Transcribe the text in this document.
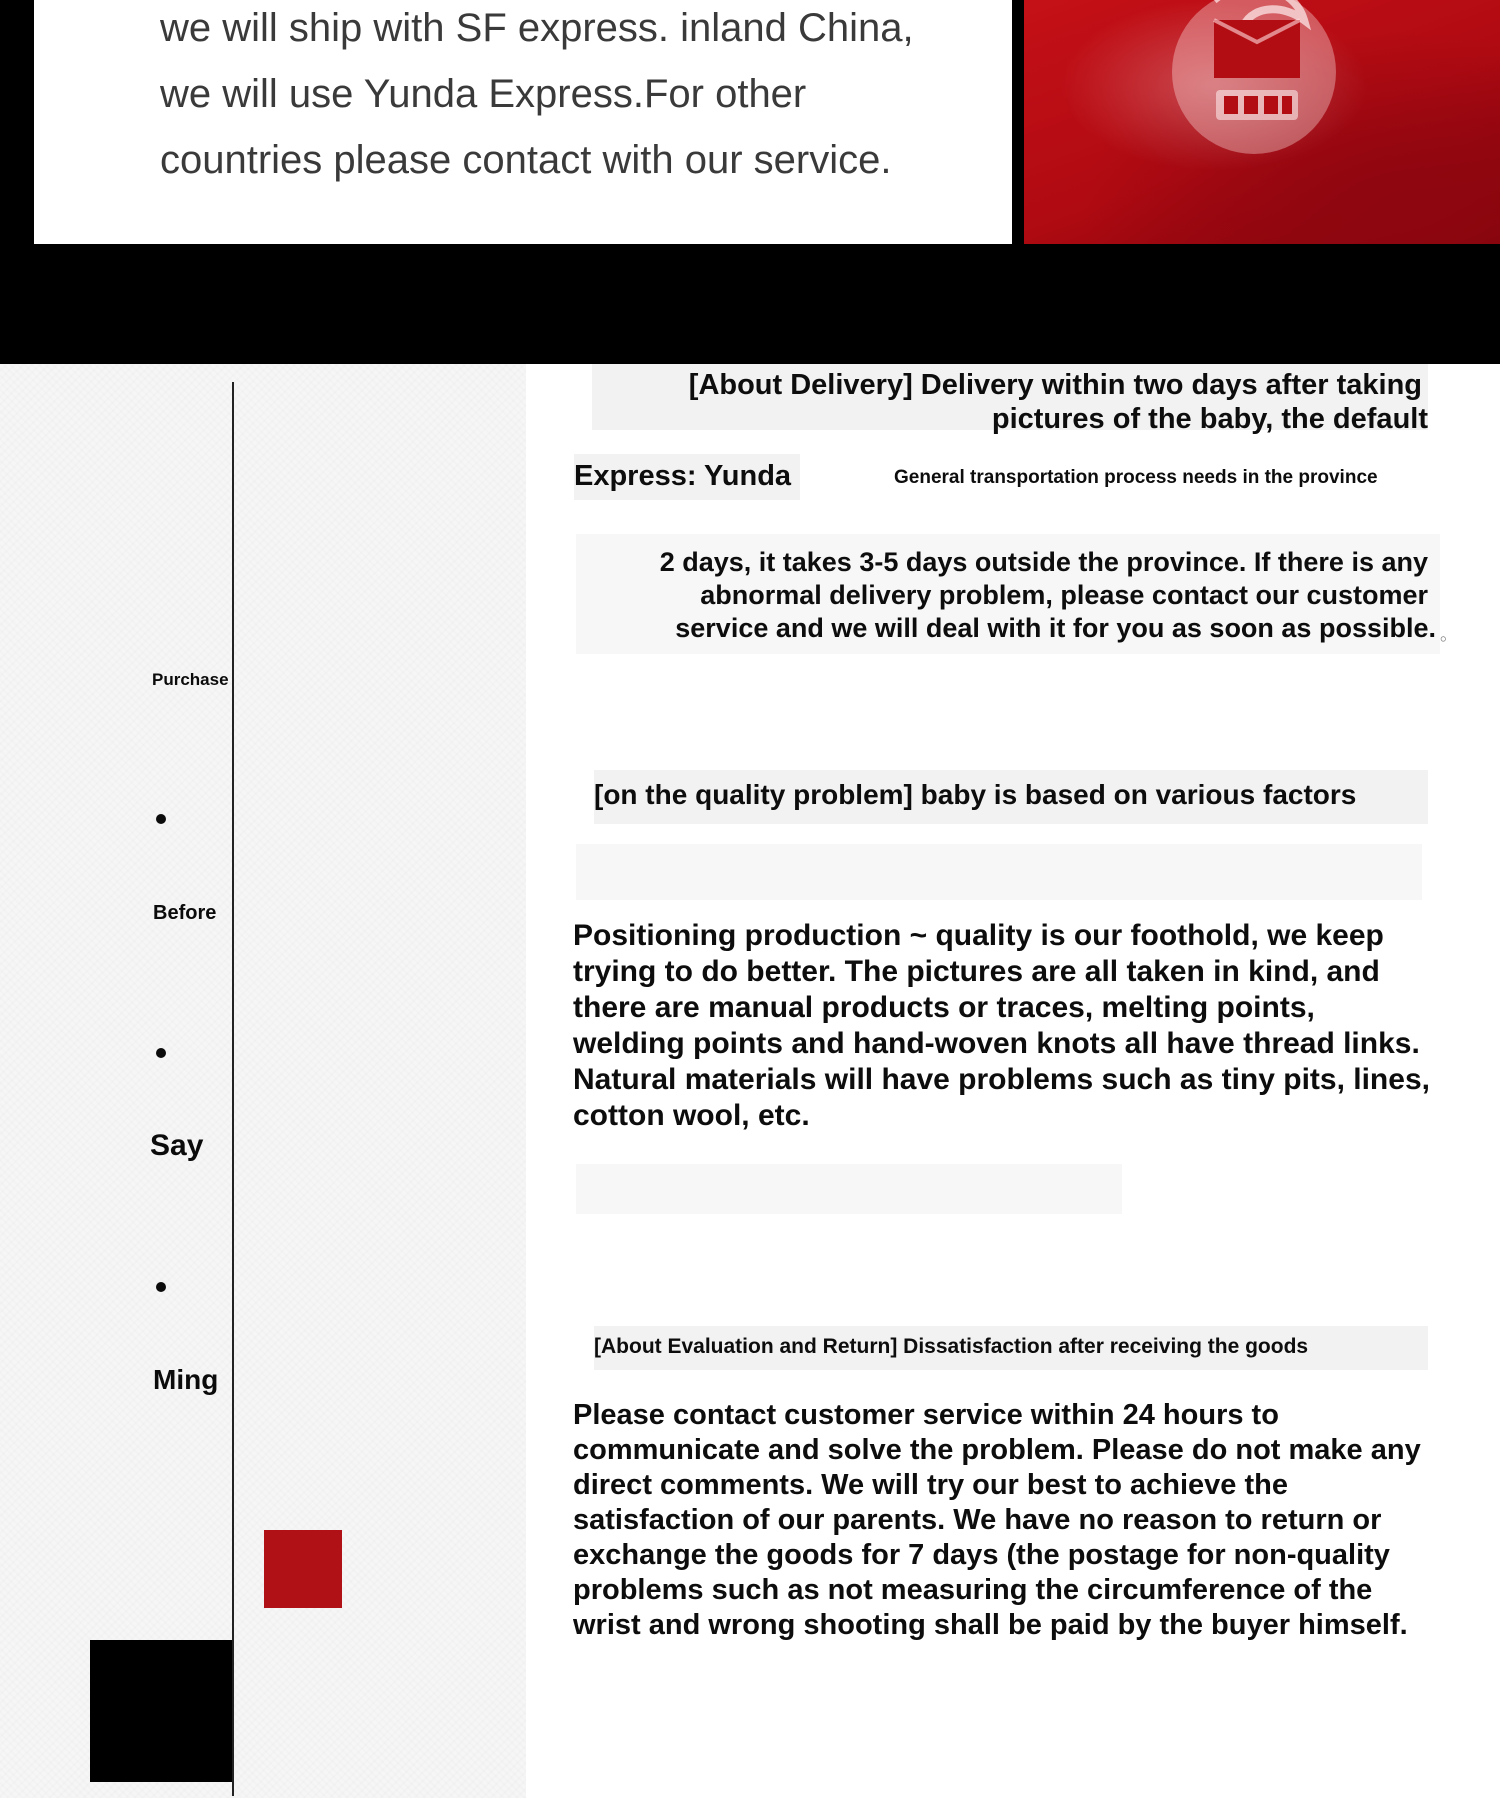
we will ship with SF express. inland China,

we will use Yunda Express.For other

countries please contact with our service.

Purchase

Before

Say

Ming

[About Delivery] Delivery within two days after taking

pictures of the baby, the default

Express: Yunda	General transportation process needs in the province

2 days, it takes 3-5 days outside the province. If there is any

abnormal delivery problem, please contact our customer

service and we will deal with it for you as soon as possible. 。

[on the quality problem] baby is based on various factors

Positioning production ~ quality is our foothold, we keep trying to do better. The pictures are all taken in kind, and there are manual products or traces, melting points, welding points and hand-woven knots all have thread links. Natural materials will have problems such as tiny pits, lines, cotton wool, etc.

[About Evaluation and Return] Dissatisfaction after receiving the goods

Please contact customer service within 24 hours to communicate and solve the problem. Please do not make any direct comments. We will try our best to achieve the satisfaction of our parents. We have no reason to return or exchange the goods for 7 days (the postage for non-quality problems such as not measuring the circumference of the wrist and wrong shooting shall be paid by the buyer himself.
